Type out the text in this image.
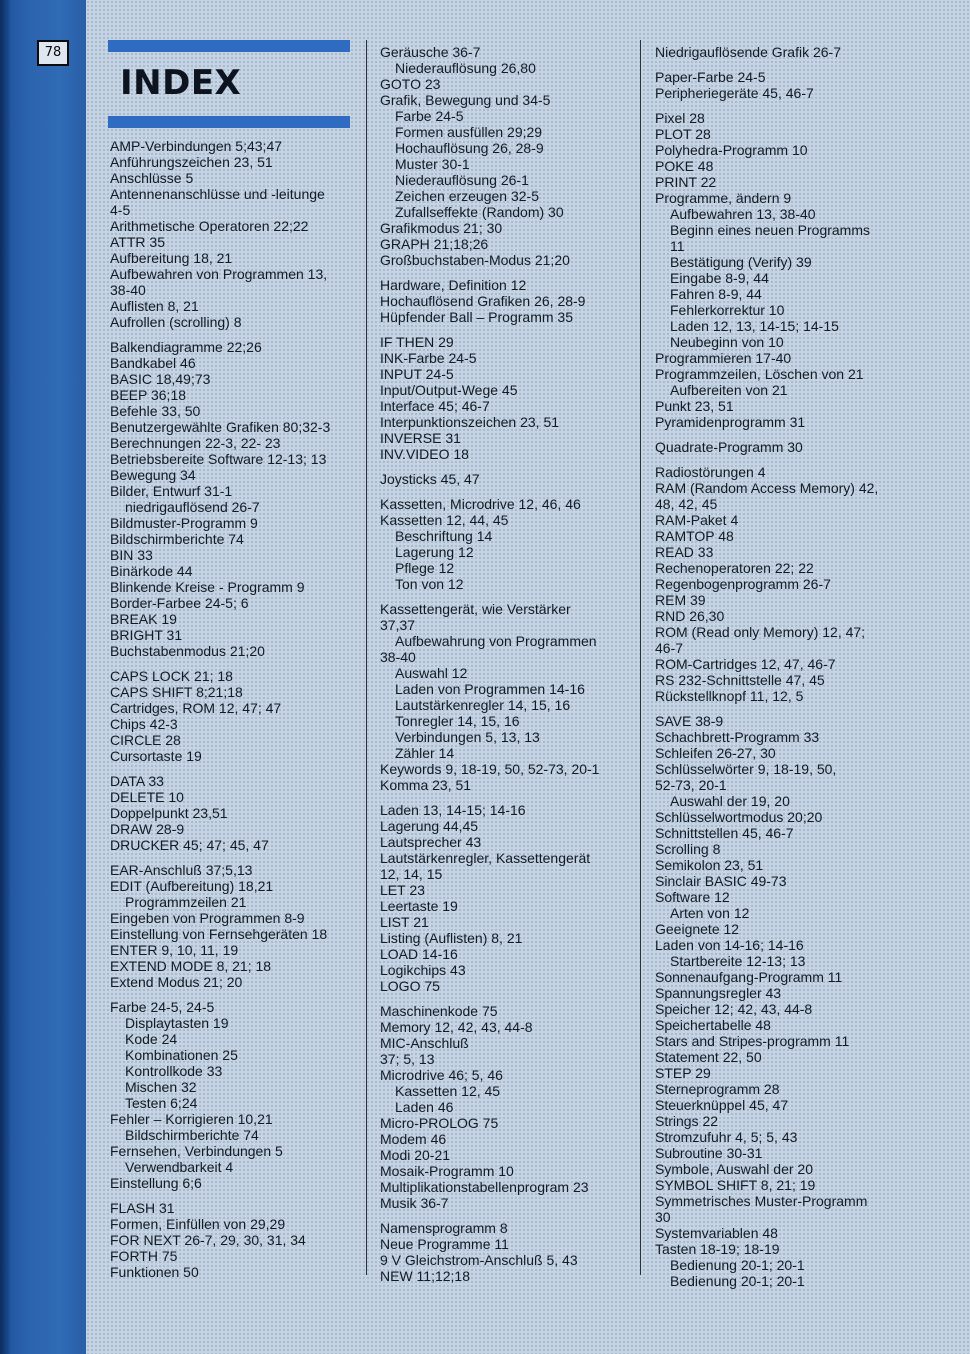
78
INDEX
AMP-Verbindungen 5;43;47
Anführungszeichen 23, 51
Anschlüsse 5
Antennenanschlüsse und -leitunge
4-5
Arithmetische Operatoren 22;22
ATTR 35
Aufbereitung 18, 21
Aufbewahren von Programmen 13,
38-40
Auflisten 8, 21
Aufrollen (scrolling) 8
Balkendiagramme 22;26
Bandkabel 46
BASIC 18,49;73
BEEP 36;18
Befehle 33, 50
Benutzergewählte Grafiken 80;32-3
Berechnungen 22-3, 22- 23
Betriebsbereite Software 12-13; 13
Bewegung 34
Bilder, Entwurf 31-1
niedrigauflösend 26-7
Bildmuster-Programm 9
Bildschirmberichte 74
BIN 33
Binärkode 44
Blinkende Kreise - Programm 9
Border-Farbee 24-5; 6
BREAK 19
BRIGHT 31
Buchstabenmodus 21;20
CAPS LOCK 21; 18
CAPS SHIFT 8;21;18
Cartridges, ROM 12, 47; 47
Chips 42-3
CIRCLE 28
Cursortaste 19
DATA 33
DELETE 10
Doppelpunkt 23,51
DRAW 28-9
DRUCKER 45; 47; 45, 47
EAR-Anschluß 37;5,13
EDIT (Aufbereitung) 18,21
Programmzeilen 21
Eingeben von Programmen 8-9
Einstellung von Fernsehgeräten 18
ENTER 9, 10, 11, 19
EXTEND MODE 8, 21; 18
Extend Modus 21; 20
Farbe 24-5, 24-5
Displaytasten 19
Kode 24
Kombinationen 25
Kontrollkode 33
Mischen 32
Testen 6;24
Fehler – Korrigieren 10,21
Bildschirmberichte 74
Fernsehen, Verbindungen 5
Verwendbarkeit 4
Einstellung 6;6
FLASH 31
Formen, Einfüllen von 29,29
FOR NEXT 26-7, 29, 30, 31, 34
FORTH 75
Funktionen 50
Geräusche 36-7
Niederauflösung 26,80
GOTO 23
Grafik, Bewegung und 34-5
Farbe 24-5
Formen ausfüllen 29;29
Hochauflösung 26, 28-9
Muster 30-1
Niederauflösung 26-1
Zeichen erzeugen 32-5
Zufallseffekte (Random) 30
Grafikmodus 21; 30
GRAPH 21;18;26
Großbuchstaben-Modus 21;20
Hardware, Definition 12
Hochauflösend Grafiken 26, 28-9
Hüpfender Ball – Programm 35
IF THEN 29
INK-Farbe 24-5
INPUT 24-5
Input/Output-Wege 45
Interface 45; 46-7
Interpunktionszeichen 23, 51
INVERSE 31
INV.VIDEO 18
Joysticks 45, 47
Kassetten, Microdrive 12, 46, 46
Kassetten 12, 44, 45
Beschriftung 14
Lagerung 12
Pflege 12
Ton von 12
Kassettengerät, wie Verstärker
37,37
Aufbewahrung von Programmen
38-40
Auswahl 12
Laden von Programmen 14-16
Lautstärkenregler 14, 15, 16
Tonregler 14, 15, 16
Verbindungen 5, 13, 13
Zähler 14
Keywords 9, 18-19, 50, 52-73, 20-1
Komma 23, 51
Laden 13, 14-15; 14-16
Lagerung 44,45
Lautsprecher 43
Lautstärkenregler, Kassettengerät
12, 14, 15
LET 23
Leertaste 19
LIST 21
Listing (Auflisten) 8, 21
LOAD 14-16
Logikchips 43
LOGO 75
Maschinenkode 75
Memory 12, 42, 43, 44-8
MIC-Anschluß
37; 5, 13
Microdrive 46; 5, 46
Kassetten 12, 45
Laden 46
Micro-PROLOG 75
Modem 46
Modi 20-21
Mosaik-Programm 10
Multiplikationstabellenprogram 23
Musik 36-7
Namensprogramm 8
Neue Programme 11
9 V Gleichstrom-Anschluß 5, 43
NEW 11;12;18
Niedrigauflösende Grafik 26-7
Paper-Farbe 24-5
Peripheriegeräte 45, 46-7
Pixel 28
PLOT 28
Polyhedra-Programm 10
POKE 48
PRINT 22
Programme, ändern 9
Aufbewahren 13, 38-40
Beginn eines neuen Programms
11
Bestätigung (Verify) 39
Eingabe 8-9, 44
Fahren 8-9, 44
Fehlerkorrektur 10
Laden 12, 13, 14-15; 14-15
Neubeginn von 10
Programmieren 17-40
Programmzeilen, Löschen von 21
Aufbereiten von 21
Punkt 23, 51
Pyramidenprogramm 31
Quadrate-Programm 30
Radiostörungen 4
RAM (Random Access Memory) 42,
48, 42, 45
RAM-Paket 4
RAMTOP 48
READ 33
Rechenoperatoren 22; 22
Regenbogenprogramm 26-7
REM 39
RND 26,30
ROM (Read only Memory) 12, 47;
46-7
ROM-Cartridges 12, 47, 46-7
RS 232-Schnittstelle 47, 45
Rückstellknopf 11, 12, 5
SAVE 38-9
Schachbrett-Programm 33
Schleifen 26-27, 30
Schlüsselwörter 9, 18-19, 50,
52-73, 20-1
Auswahl der 19, 20
Schlüsselwortmodus 20;20
Schnittstellen 45, 46-7
Scrolling 8
Semikolon 23, 51
Sinclair BASIC 49-73
Software 12
Arten von 12
Geeignete 12
Laden von 14-16; 14-16
Startbereite 12-13; 13
Sonnenaufgang-Programm 11
Spannungsregler 43
Speicher 12; 42, 43, 44-8
Speichertabelle 48
Stars and Stripes-programm 11
Statement 22, 50
STEP 29
Sterneprogramm 28
Steuerknüppel 45, 47
Strings 22
Stromzufuhr 4, 5; 5, 43
Subroutine 30-31
Symbole, Auswahl der 20
SYMBOL SHIFT 8, 21; 19
Symmetrisches Muster-Programm
30
Systemvariablen 48
Tasten 18-19; 18-19
Bedienung 20-1; 20-1
Bedienung 20-1; 20-1
